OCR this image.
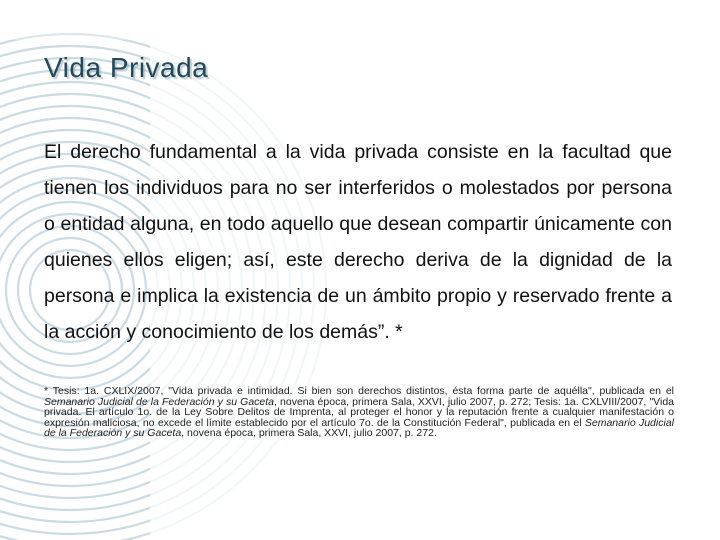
Vida Privada
El derecho fundamental a la vida privada consiste en la facultad que tienen los individuos para no ser interferidos o molestados por persona o entidad alguna, en todo aquello que desean compartir únicamente con quienes ellos eligen; así, este derecho deriva de la dignidad de la persona e implica la existencia de un ámbito propio y reservado frente a la acción y conocimiento de los demás”. *
* Tesis: 1a. CXLIX/2007, "Vida privada e intimidad. Si bien son derechos distintos, ésta forma parte de aquélla", publicada en el Semanario Judicial de la Federación y su Gaceta, novena época, primera Sala, XXVI, julio 2007, p. 272; Tesis: 1a. CXLVIII/2007, "Vida privada. El artículo 1o. de la Ley Sobre Delitos de Imprenta, al proteger el honor y la reputación frente a cualquier manifestación o expresión maliciosa, no excede el límite establecido por el artículo 7o. de la Constitución Federal", publicada en el Semanario Judicial de la Federación y su Gaceta, novena época, primera Sala, XXVI, julio 2007, p. 272.
